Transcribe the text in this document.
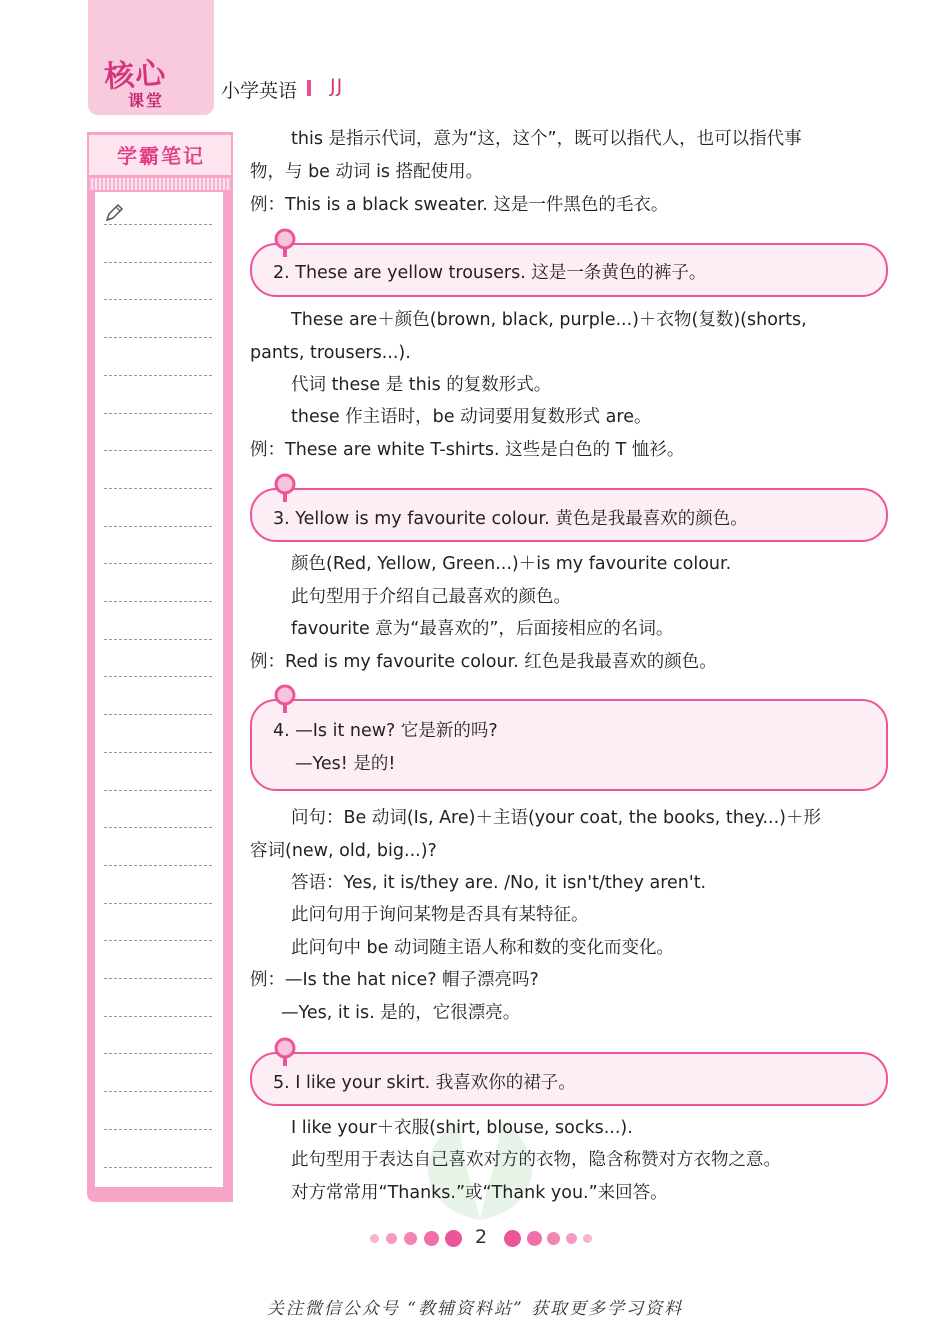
核心
课堂	小学英语 JJ
学霸笔记
this 是指示代词，意为“这，这个”，既可以指代人，也可以指代事
物，与 be 动词 is 搭配使用。
例：This is a black sweater. 这是一件黑色的毛衣。
2. These are yellow trousers. 这是一条黄色的裤子。
These are＋颜色(brown, black, purple...)＋衣物(复数)(shorts,
pants, trousers...).
代词 these 是 this 的复数形式。
these 作主语时，be 动词要用复数形式 are。
例：These are white T-shirts. 这些是白色的 T 恤衫。
3. Yellow is my favourite colour. 黄色是我最喜欢的颜色。
颜色(Red, Yellow, Green...)＋is my favourite colour.
此句型用于介绍自己最喜欢的颜色。
favourite 意为“最喜欢的”，后面接相应的名词。
例：Red is my favourite colour. 红色是我最喜欢的颜色。
4. —Is it new? 它是新的吗?
—Yes! 是的!
问句：Be 动词(Is, Are)＋主语(your coat, the books, they...)＋形
容词(new, old, big...)?
答语：Yes, it is/they are. /No, it isn't/they aren't.
此问句用于询问某物是否具有某特征。
此问句中 be 动词随主语人称和数的变化而变化。
例：—Is the hat nice? 帽子漂亮吗?
—Yes, it is. 是的，它很漂亮。
5. I like your skirt. 我喜欢你的裙子。
I like your＋衣服(shirt, blouse, socks...).
此句型用于表达自己喜欢对方的衣物，隐含称赞对方衣物之意。
对方常常用“Thanks.”或“Thank you.”来回答。
2
关注微信公众号 “教辅资料站” 获取更多学习资料
